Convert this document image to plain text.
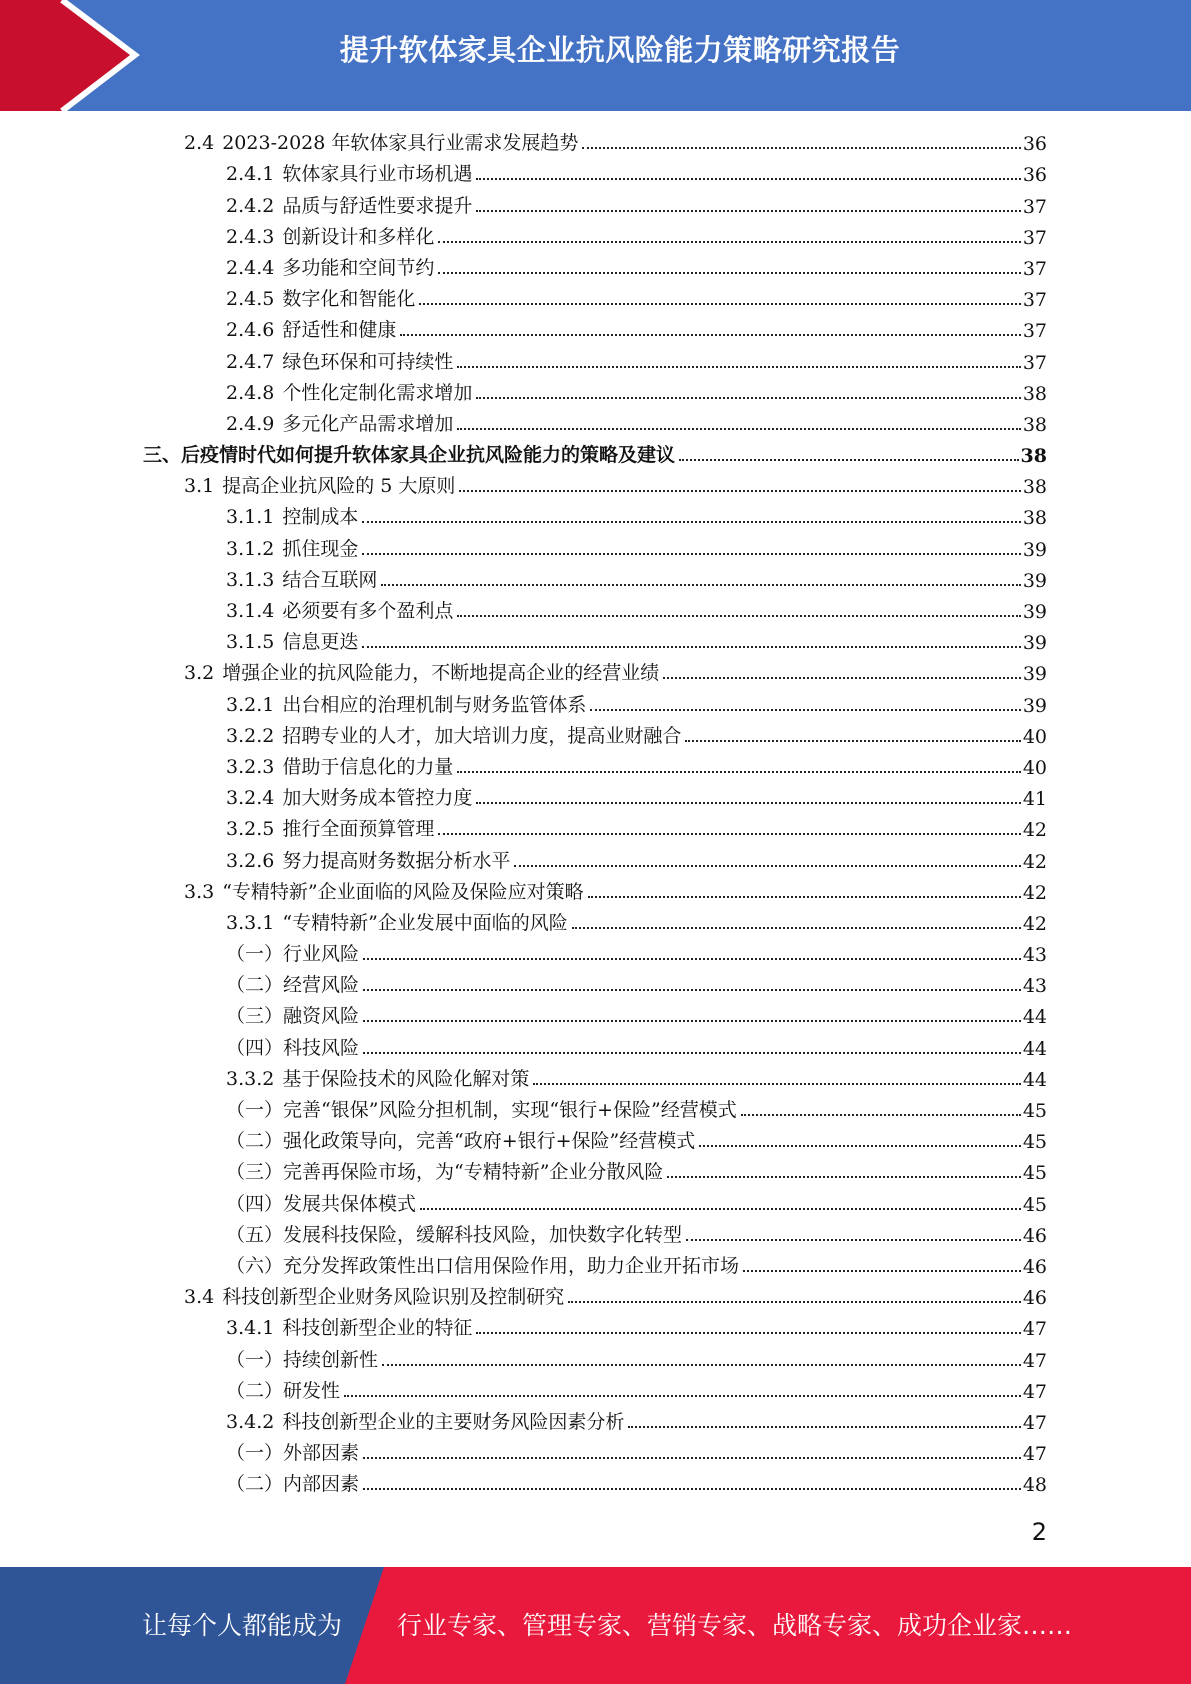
提升软体家具企业抗风险能力策略研究报告
2.4 2023-2028 年软体家具行业需求发展趋势	36
2.4.1 软体家具行业市场机遇	36
2.4.2 品质与舒适性要求提升	37
2.4.3 创新设计和多样化	37
2.4.4 多功能和空间节约	37
2.4.5 数字化和智能化	37
2.4.6 舒适性和健康	37
2.4.7 绿色环保和可持续性	37
2.4.8 个性化定制化需求增加	38
2.4.9 多元化产品需求增加	38
三、后疫情时代如何提升软体家具企业抗风险能力的策略及建议	38
3.1 提高企业抗风险的 5 大原则	38
3.1.1 控制成本	38
3.1.2 抓住现金	39
3.1.3 结合互联网	39
3.1.4 必须要有多个盈利点	39
3.1.5 信息更迭	39
3.2 增强企业的抗风险能力，不断地提高企业的经营业绩	39
3.2.1 出台相应的治理机制与财务监管体系	39
3.2.2 招聘专业的人才，加大培训力度，提高业财融合	40
3.2.3 借助于信息化的力量	40
3.2.4 加大财务成本管控力度	41
3.2.5 推行全面预算管理	42
3.2.6 努力提高财务数据分析水平	42
3.3 “专精特新”企业面临的风险及保险应对策略	42
3.3.1 “专精特新”企业发展中面临的风险	42
（一）行业风险	43
（二）经营风险	43
（三）融资风险	44
（四）科技风险	44
3.3.2 基于保险技术的风险化解对策	44
（一）完善“银保”风险分担机制，实现“银行+保险”经营模式	45
（二）强化政策导向，完善“政府+银行+保险”经营模式	45
（三）完善再保险市场，为“专精特新”企业分散风险	45
（四）发展共保体模式	45
（五）发展科技保险，缓解科技风险，加快数字化转型	46
（六）充分发挥政策性出口信用保险作用，助力企业开拓市场	46
3.4 科技创新型企业财务风险识别及控制研究	46
3.4.1 科技创新型企业的特征	47
（一）持续创新性	47
（二）研发性	47
3.4.2 科技创新型企业的主要财务风险因素分析	47
（一）外部因素	47
（二）内部因素	48
2
让每个人都能成为 行业专家、管理专家、营销专家、战略专家、成功企业家……
